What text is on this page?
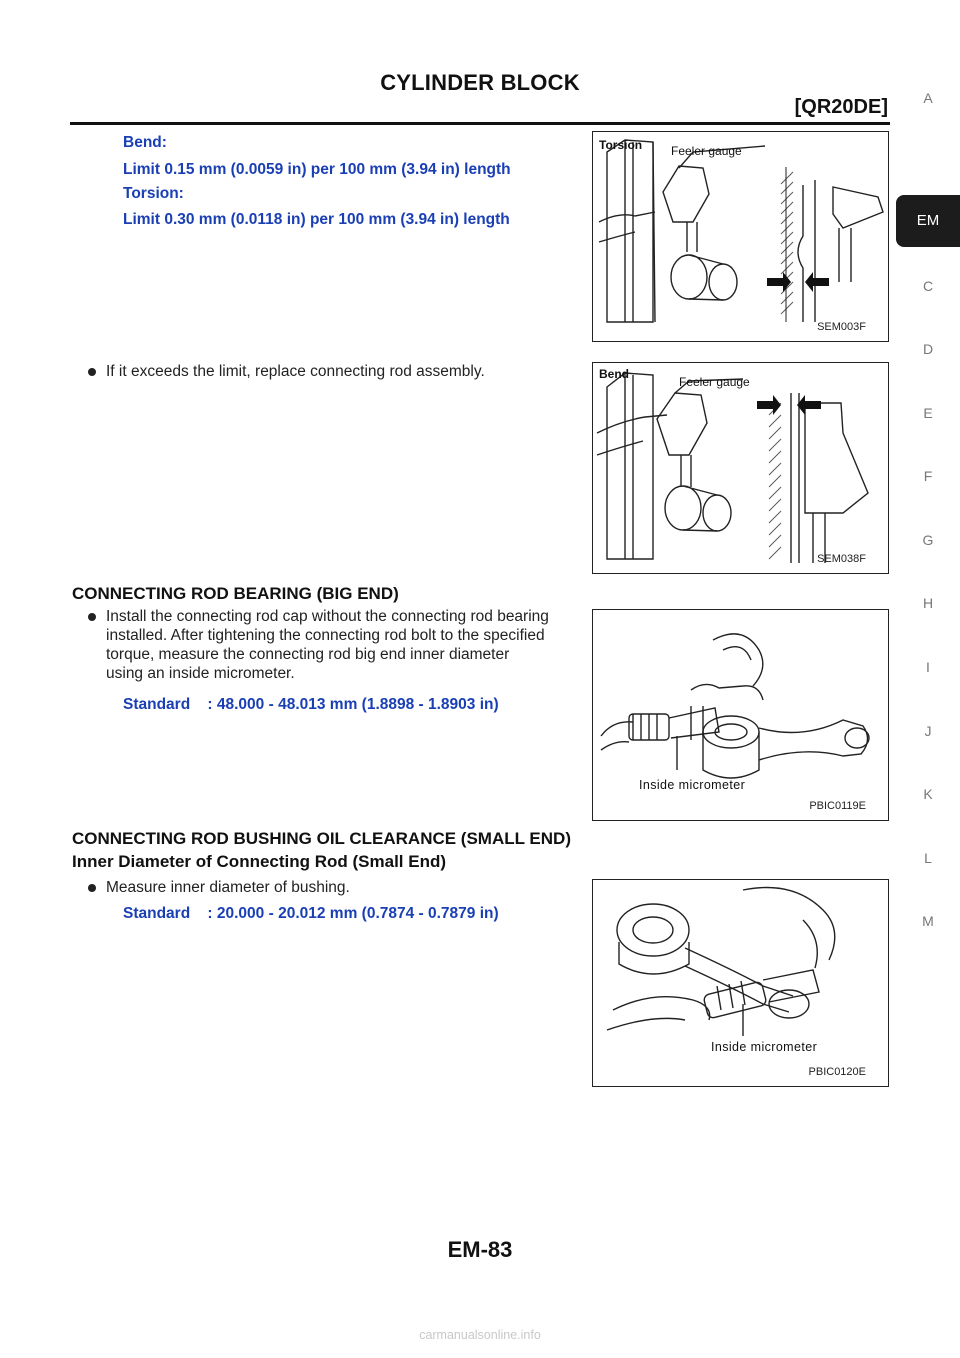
CYLINDER BLOCK
[QR20DE]
EM
A
C
D
E
F
G
H
I
J
K
L
M
Bend:
Limit 0.15 mm (0.0059 in) per 100 mm (3.94 in) length
Torsion:
Limit 0.30 mm (0.0118 in) per 100 mm (3.94 in) length
Torsion Feeler gauge
SEM003F
If it exceeds the limit, replace connecting rod assembly.	Bend
Feeler gauge
SEM038F
CONNECTING ROD BEARING (BIG END)
Install the connecting rod cap without the connecting rod bearing
installed. After tightening the connecting rod bolt to the specified
torque, measure the connecting rod big end inner diameter
using an inside micrometer.
Standard : 48.000 - 48.013 mm (1.8898 - 1.8903 in)
Inside micrometer
PBIC0119E
CONNECTING ROD BUSHING OIL CLEARANCE (SMALL END)
Inner Diameter of Connecting Rod (Small End)
Measure inner diameter of bushing.
Standard : 20.000 - 20.012 mm (0.7874 - 0.7879 in)
Inside micrometer
PBIC0120E
EM-83
carmanualsonline.info
